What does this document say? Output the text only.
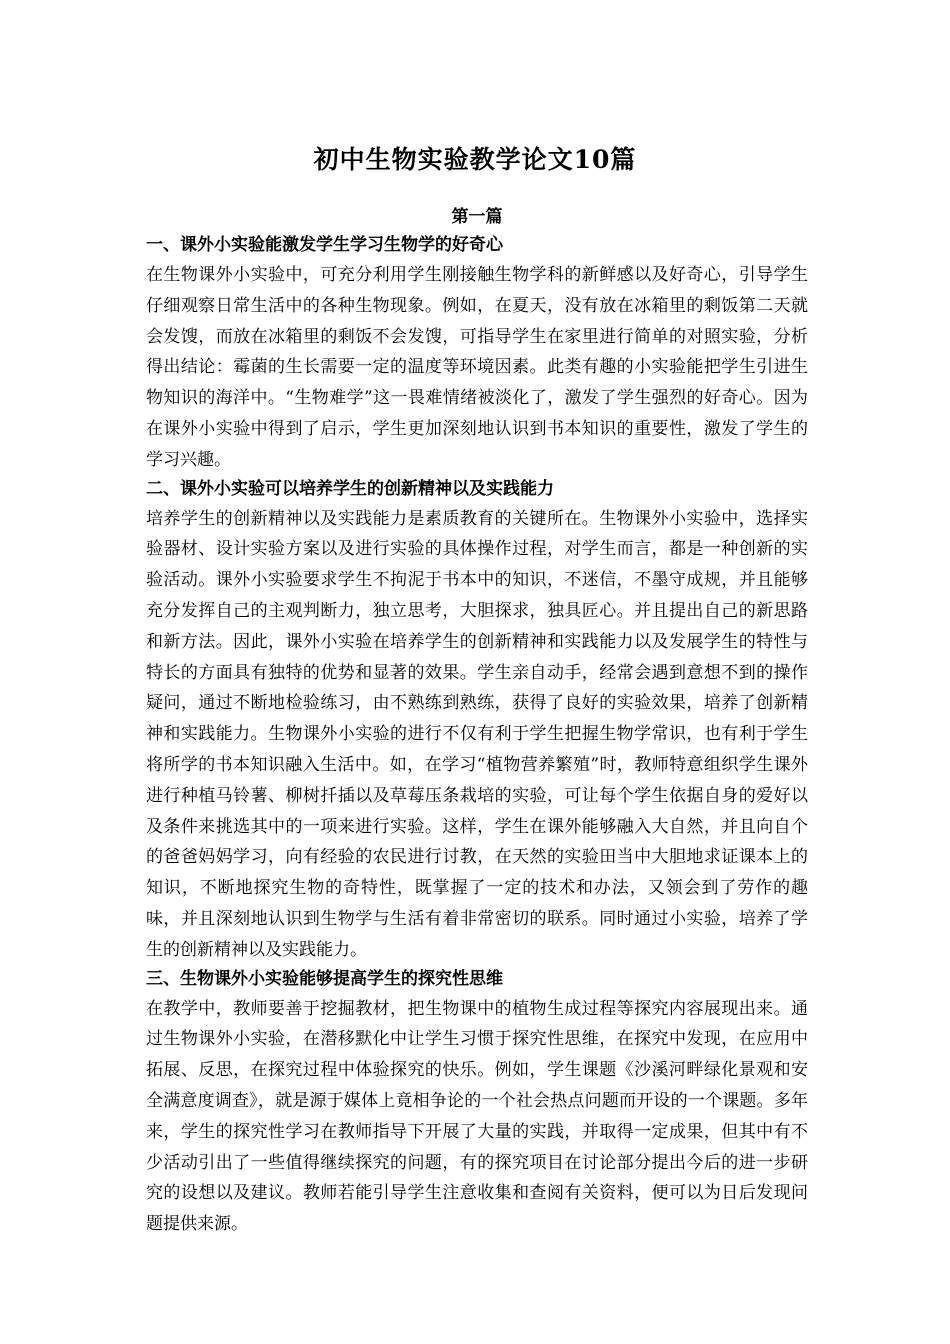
初中生物实验教学论文10篇
第一篇
一、课外小实验能激发学生学习生物学的好奇心

在生物课外小实验中，可充分利用学生刚接触生物学科的新鲜感以及好奇心，引导学生仔细观察日常生活中的各种生物现象。例如，在夏天，没有放在冰箱里的剩饭第二天就会发馊，而放在冰箱里的剩饭不会发馊，可指导学生在家里进行简单的对照实验，分析得出结论：霉菌的生长需要一定的温度等环境因素。此类有趣的小实验能把学生引进生物知识的海洋中。“生物难学”这一畏难情绪被淡化了，激发了学生强烈的好奇心。因为在课外小实验中得到了启示，学生更加深刻地认识到书本知识的重要性，激发了学生的学习兴趣。

二、课外小实验可以培养学生的创新精神以及实践能力

培养学生的创新精神以及实践能力是素质教育的关键所在。生物课外小实验中，选择实验器材、设计实验方案以及进行实验的具体操作过程，对学生而言，都是一种创新的实验活动。课外小实验要求学生不拘泥于书本中的知识，不迷信，不墨守成规，并且能够充分发挥自己的主观判断力，独立思考，大胆探求，独具匠心。并且提出自己的新思路和新方法。因此，课外小实验在培养学生的创新精神和实践能力以及发展学生的特性与特长的方面具有独特的优势和显著的效果。学生亲自动手，经常会遇到意想不到的操作疑问，通过不断地检验练习，由不熟练到熟练，获得了良好的实验效果，培养了创新精神和实践能力。生物课外小实验的进行不仅有利于学生把握生物学常识，也有利于学生将所学的书本知识融入生活中。如，在学习“植物营养繁殖”时，教师特意组织学生课外进行种植马铃薯、柳树扦插以及草莓压条栽培的实验，可让每个学生依据自身的爱好以及条件来挑选其中的一项来进行实验。这样，学生在课外能够融入大自然，并且向自个的爸爸妈妈学习，向有经验的农民进行讨教，在天然的实验田当中大胆地求证课本上的知识，不断地探究生物的奇特性，既掌握了一定的技术和办法，又领会到了劳作的趣味，并且深刻地认识到生物学与生活有着非常密切的联系。同时通过小实验，培养了学生的创新精神以及实践能力。

三、生物课外小实验能够提高学生的探究性思维

在教学中，教师要善于挖掘教材，把生物课中的植物生成过程等探究内容展现出来。通过生物课外小实验，在潜移默化中让学生习惯于探究性思维，在探究中发现，在应用中拓展、反思，在探究过程中体验探究的快乐。例如，学生课题《沙溪河畔绿化景观和安全满意度调查》，就是源于媒体上竟相争论的一个社会热点问题而开设的一个课题。多年来，学生的探究性学习在教师指导下开展了大量的实践，并取得一定成果，但其中有不少活动引出了一些值得继续探究的问题，有的探究项目在讨论部分提出今后的进一步研究的设想以及建议。教师若能引导学生注意收集和查阅有关资料，便可以为日后发现问题提供来源。
